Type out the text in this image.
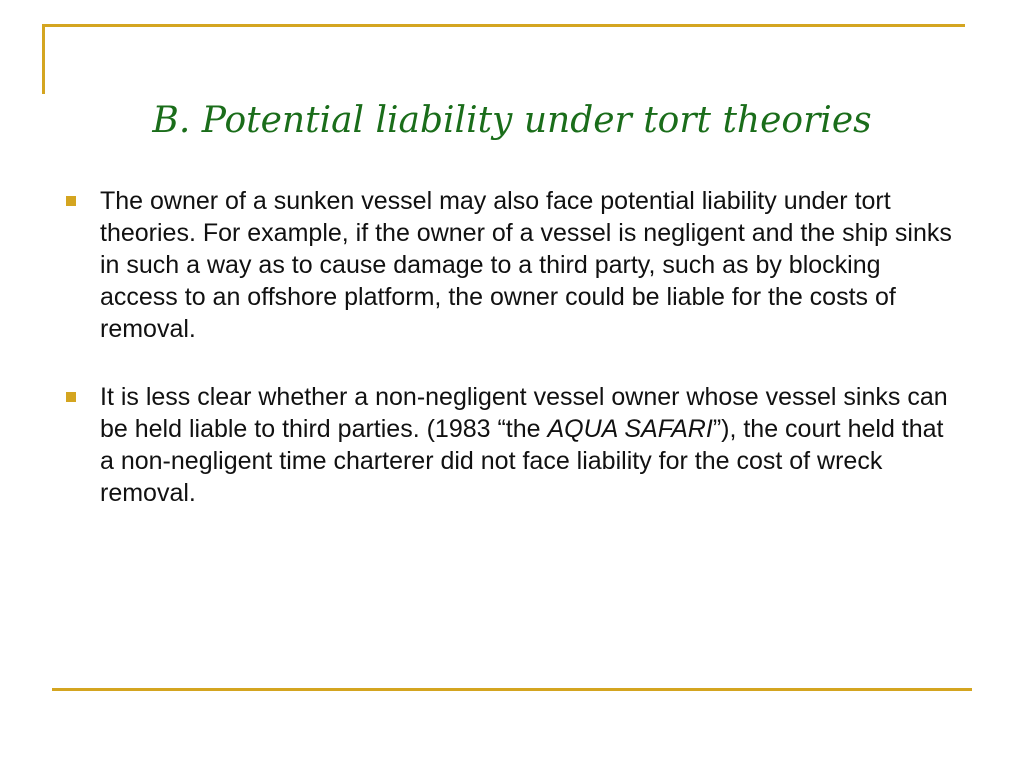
B. Potential liability under tort theories
The owner of a sunken vessel may also face potential liability under tort theories. For example, if the owner of a vessel is negligent and the ship sinks in such a way as to cause damage to a third party, such as by blocking access to an offshore platform, the owner could be liable for the costs of removal.
It is less clear whether a non-negligent vessel owner whose vessel sinks can be held liable to third parties. (1983 “the AQUA SAFARI”), the court held that a non-negligent time charterer did not face liability for the cost of wreck removal.
